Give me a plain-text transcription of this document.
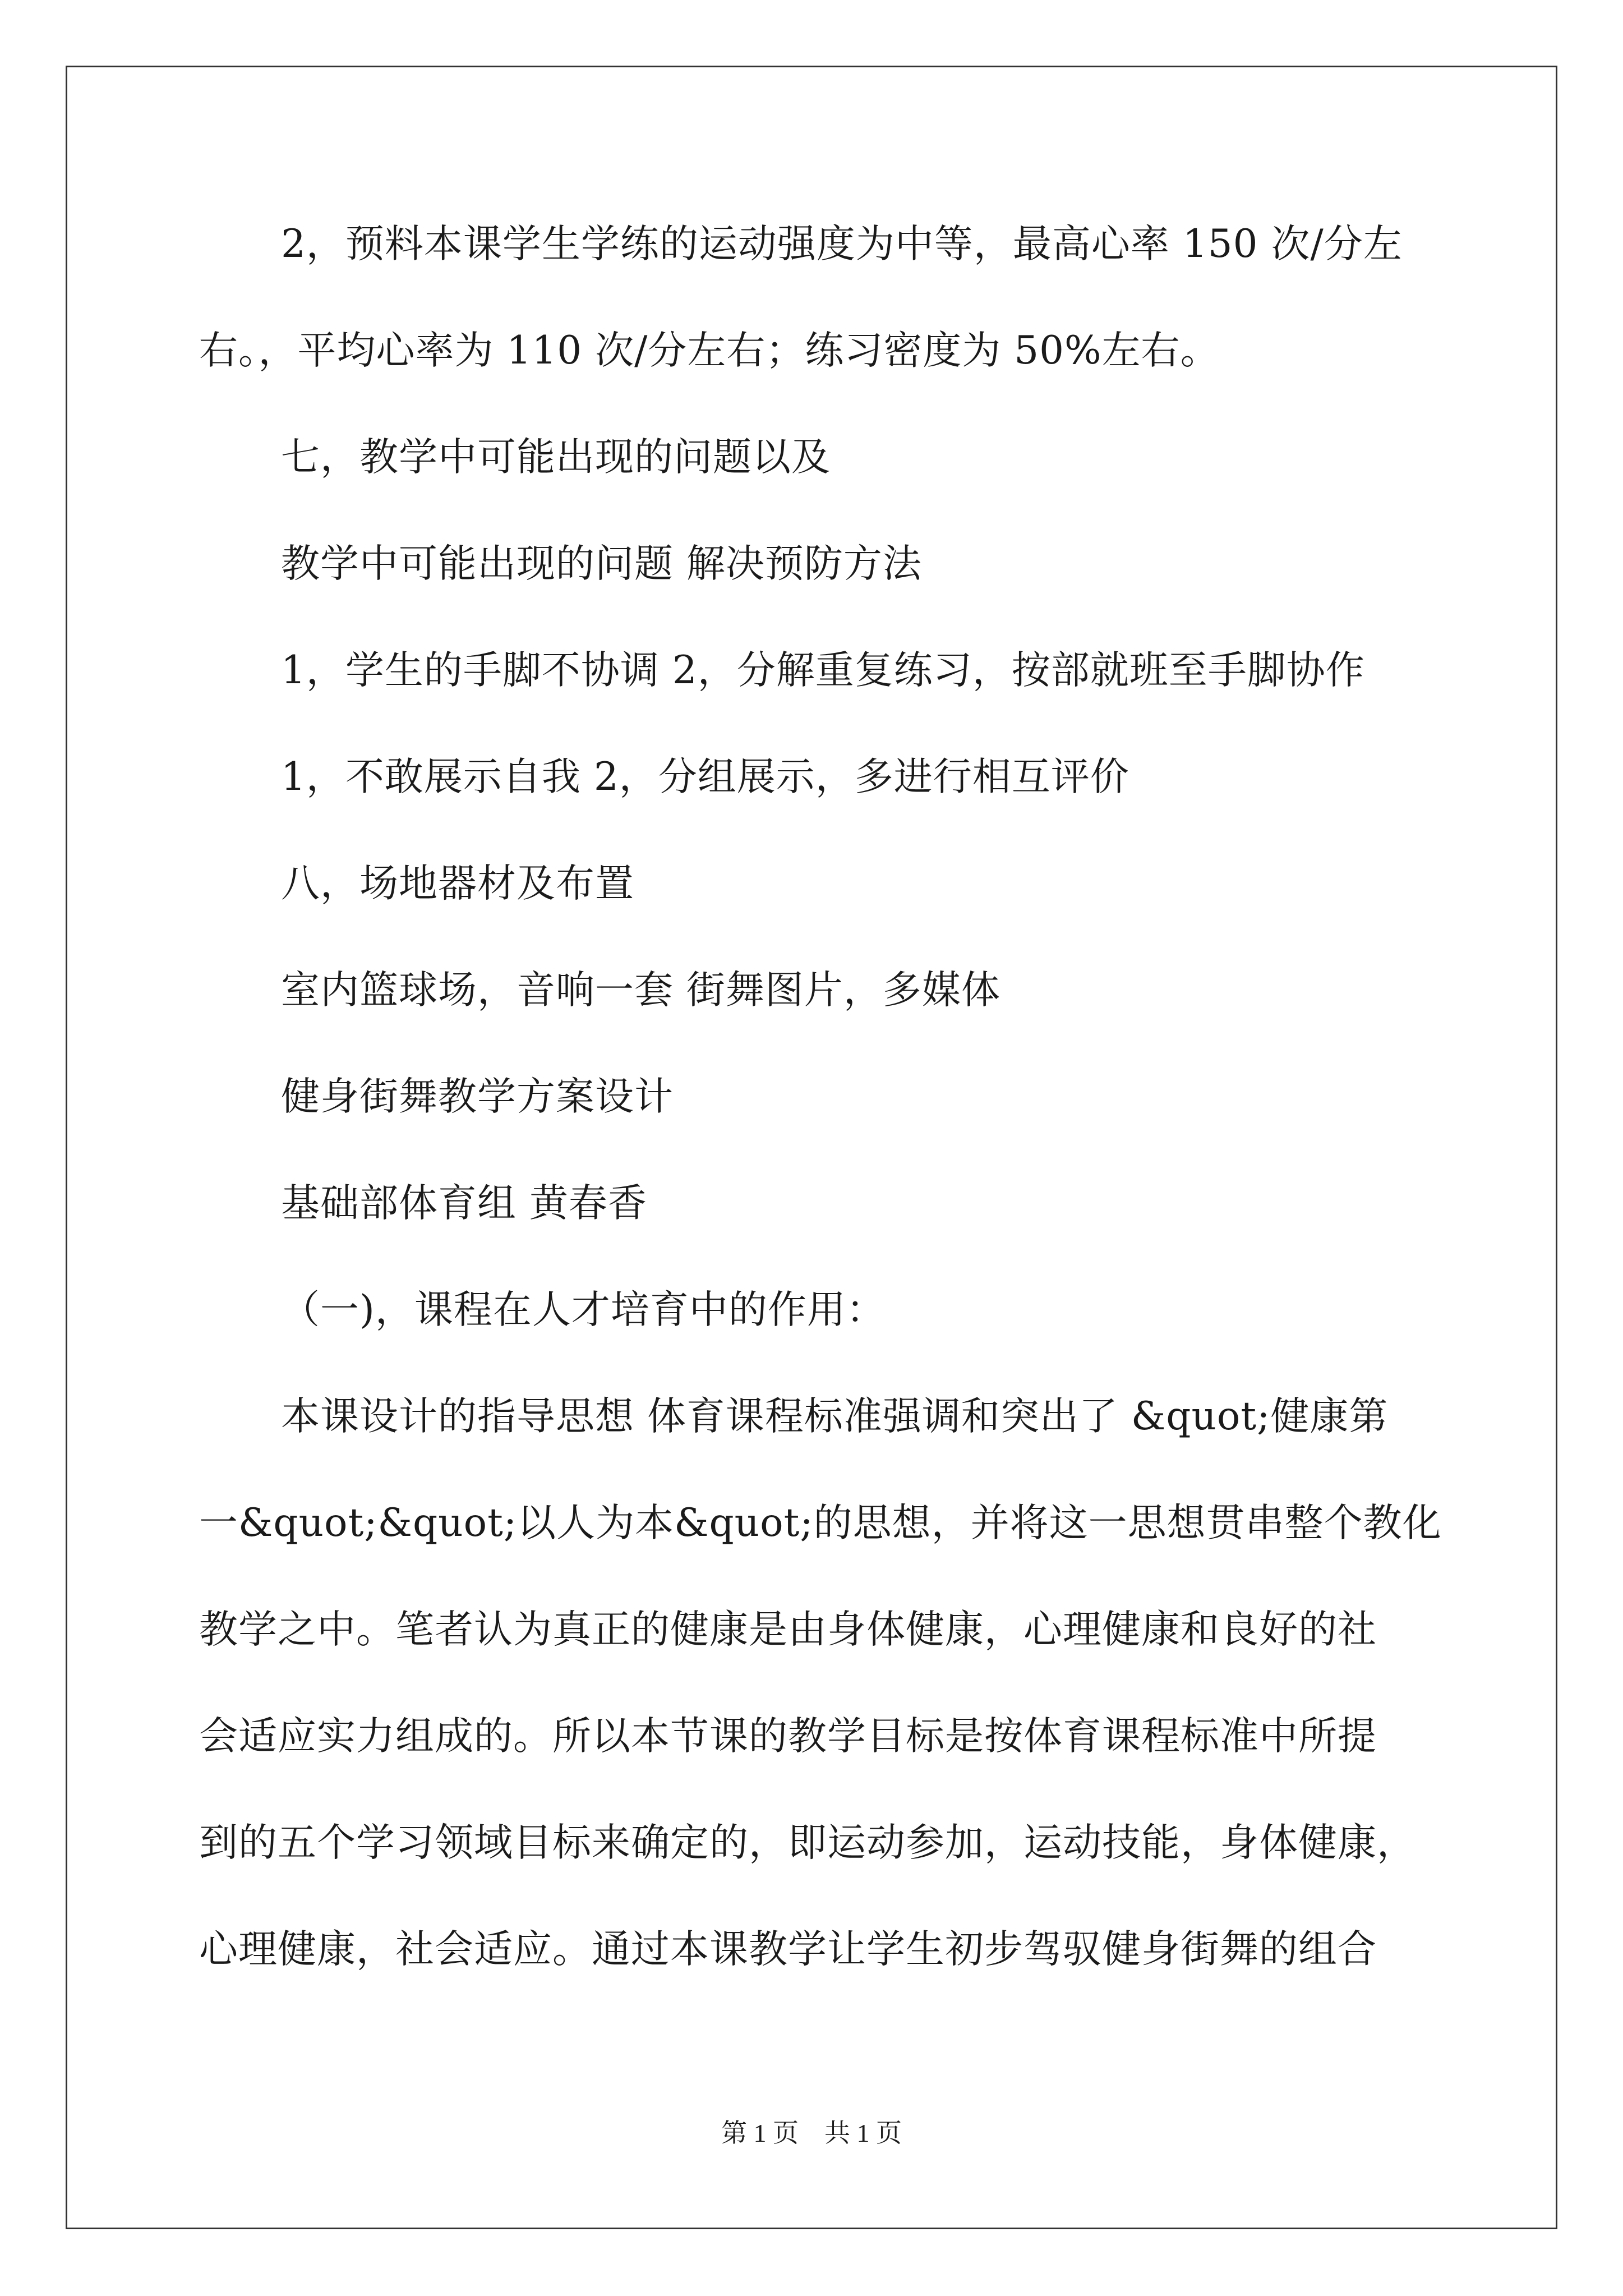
2，预料本课学生学练的运动强度为中等，最高心率 150 次/分左
右。，平均心率为 110 次/分左右；练习密度为 50%左右。
七，教学中可能出现的问题以及
教学中可能出现的问题 解决预防方法
1，学生的手脚不协调 2，分解重复练习，按部就班至手脚协作
1，不敢展示自我 2，分组展示，多进行相互评价
八，场地器材及布置
室内篮球场，音响一套 街舞图片，多媒体
健身街舞教学方案设计
基础部体育组 黄春香
（一)，课程在人才培育中的作用：
本课设计的指导思想 体育课程标准强调和突出了 &quot;健康第
一&quot;&quot;以人为本&quot;的思想，并将这一思想贯串整个教化
教学之中。笔者认为真正的健康是由身体健康，心理健康和良好的社
会适应实力组成的。所以本节课的教学目标是按体育课程标准中所提
到的五个学习领域目标来确定的，即运动参加，运动技能，身体健康，
心理健康，社会适应。通过本课教学让学生初步驾驭健身街舞的组合
第 1 页　共 1 页
